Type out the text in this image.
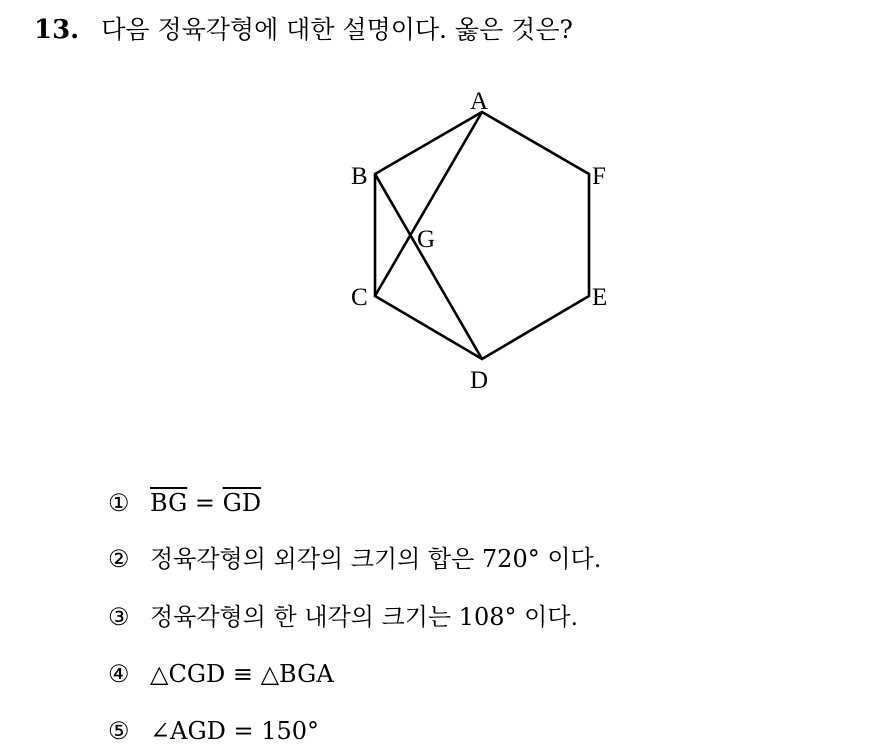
13. 다음 정육각형에 대한 설명이다. 옳은 것은?
A
B	F
G
C	E
D
① $\overline{BG} = \overline{GD}$
② 정육각형의 외각의 크기의 합은 720° 이다.
③ 정육각형의 한 내각의 크기는 108° 이다.
④ △CGD ≡ △BGA
⑤ ∠AGD = 150°
